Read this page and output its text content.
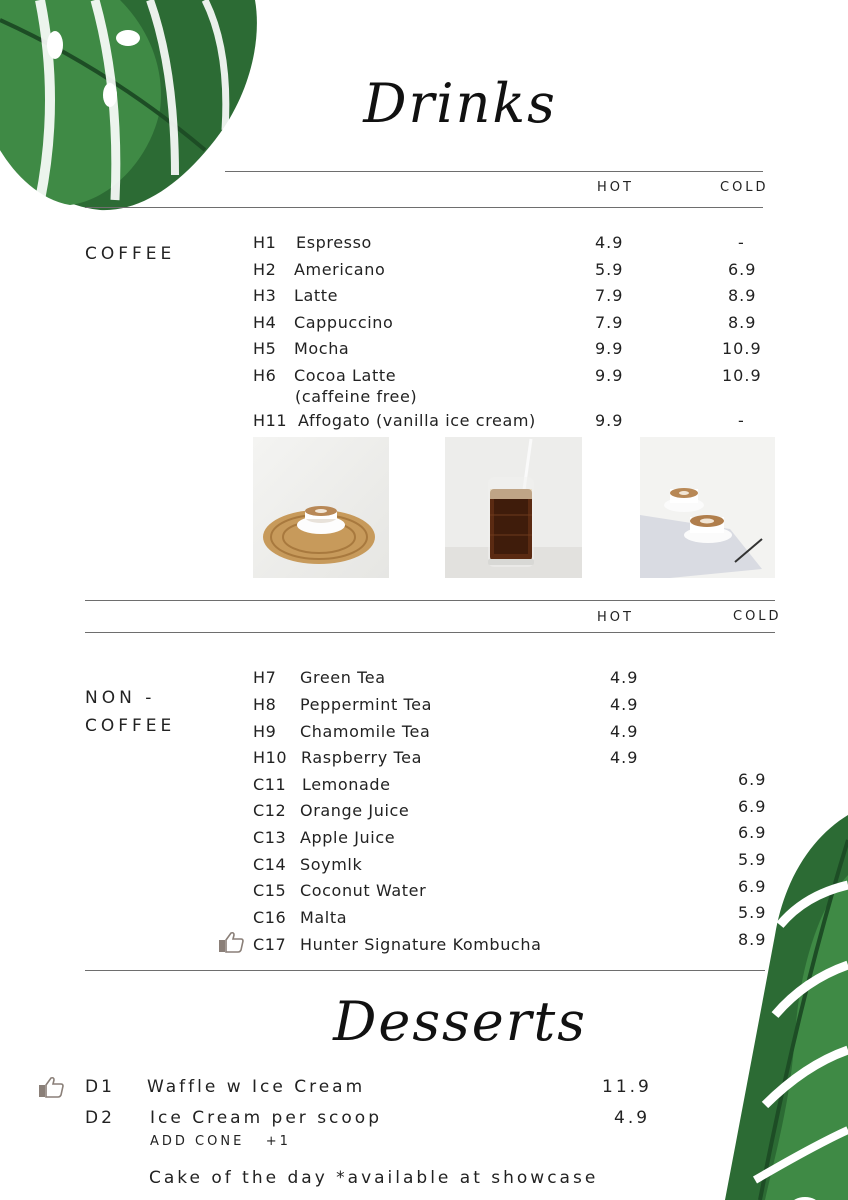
Drinks
HOT	COLD
COFFEE
H1 Espresso	4.9	-
H2 Americano	5.9	6.9
H3 Latte	7.9	8.9
H4 Cappuccino	7.9	8.9
H5 Mocha	9.9	10.9
H6 Cocoa Latte
(caffeine free)
9.9	10.9
H11 Affogato (vanilla ice cream)	9.9	-
HOT	COLD
NON -
COFFEE
H7 Green Tea	4.9
H8 Peppermint Tea	4.9
H9 Chamomile Tea	4.9
H10 Raspberry Tea	4.9
C11 Lemonade	6.9
C12 Orange Juice	6.9
C13 Apple Juice	6.9
C14 Soymlk	5.9
C15 Coconut Water	6.9
C16 Malta	5.9
C17 Hunter Signature Kombucha	8.9
Desserts
D1 Waffle w Ice Cream	11.9
D2 Ice Cream per scoop	4.9
ADD CONE   +1
Cake of the day *available at showcase
